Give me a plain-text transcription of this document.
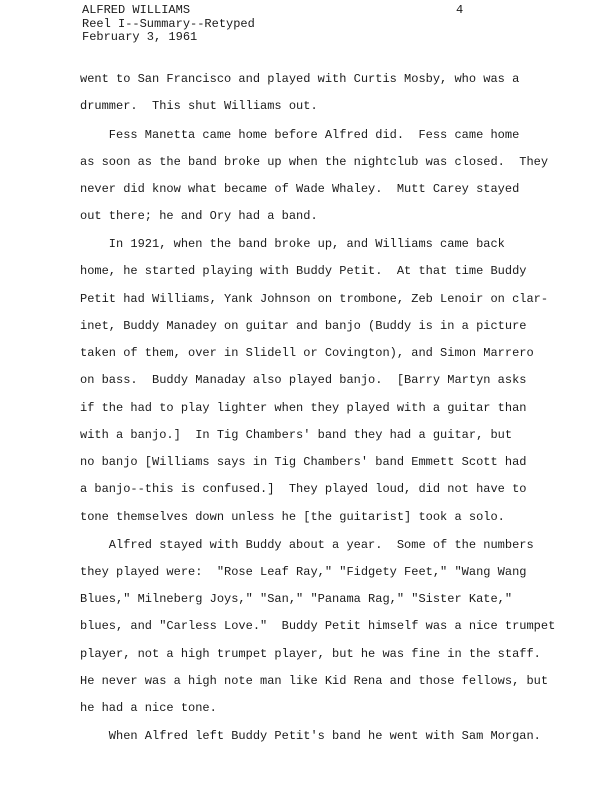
ALFRED WILLIAMS
Reel I--Summary--Retyped
February 3, 1961
4
went to San Francisco and played with Curtis Mosby, who was a
drummer.  This shut Williams out.
Fess Manetta came home before Alfred did.  Fess came home
as soon as the band broke up when the nightclub was closed.  They
never did know what became of Wade Whaley.  Mutt Carey stayed
out there; he and Ory had a band.
In 1921, when the band broke up, and Williams came back
home, he started playing with Buddy Petit.  At that time Buddy
Petit had Williams, Yank Johnson on trombone, Zeb Lenoir on clar-
inet, Buddy Manadey on guitar and banjo (Buddy is in a picture
taken of them, over in Slidell or Covington), and Simon Marrero
on bass.  Buddy Manaday also played banjo.  [Barry Martyn asks
if the had to play lighter when they played with a guitar than
with a banjo.]  In Tig Chambers' band they had a guitar, but
no banjo [Williams says in Tig Chambers' band Emmett Scott had
a banjo--this is confused.]  They played loud, did not have to
tone themselves down unless he [the guitarist] took a solo.
Alfred stayed with Buddy about a year.  Some of the numbers
they played were:  "Rose Leaf Ray," "Fidgety Feet," "Wang Wang
Blues," Milneberg Joys," "San," "Panama Rag," "Sister Kate,"
blues, and "Carless Love."  Buddy Petit himself was a nice trumpet
player, not a high trumpet player, but he was fine in the staff.
He never was a high note man like Kid Rena and those fellows, but
he had a nice tone.
When Alfred left Buddy Petit's band he went with Sam Morgan.
